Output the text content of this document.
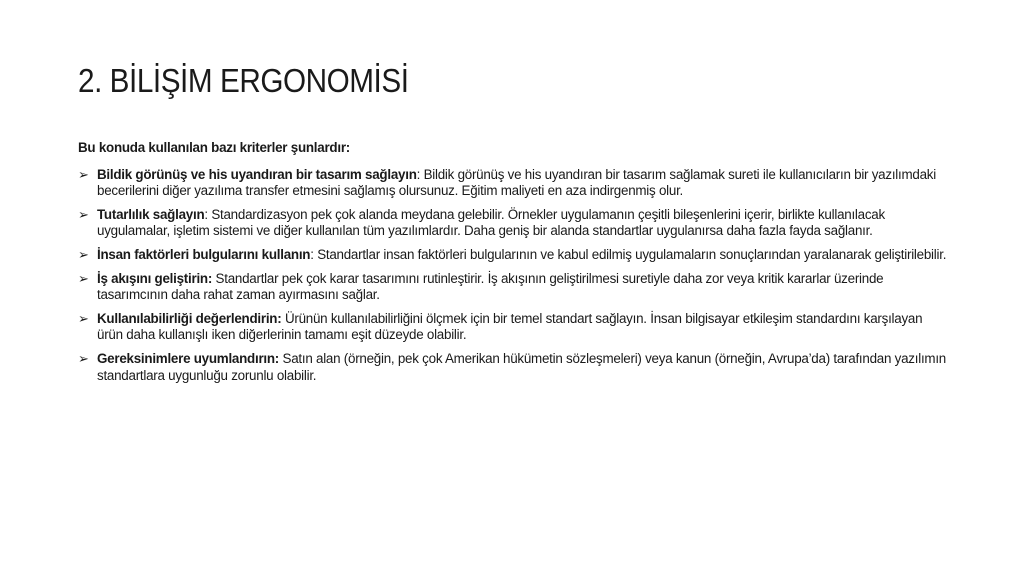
2. BİLİŞİM ERGONOMİSİ

Bu konuda kullanılan bazı kriterler şunlardır:

➢ Bildik görünüş ve his uyandıran bir tasarım sağlayın: Bildik görünüş ve his uyandıran bir tasarım sağlamak sureti ile kullanıcıların bir yazılımdaki becerilerini diğer yazılıma transfer etmesini sağlamış olursunuz. Eğitim maliyeti en aza indirgenmiş olur.
➢ Tutarlılık sağlayın: Standardizasyon pek çok alanda meydana gelebilir. Örnekler uygulamanın çeşitli bileşenlerini içerir, birlikte kullanılacak uygulamalar, işletim sistemi ve diğer kullanılan tüm yazılımlardır. Daha geniş bir alanda standartlar uygulanırsa daha fazla fayda sağlanır.
➢ İnsan faktörleri bulgularını kullanın: Standartlar insan faktörleri bulgularının ve kabul edilmiş uygulamaların sonuçlarından yaralanarak geliştirilebilir.
➢ İş akışını geliştirin: Standartlar pek çok karar tasarımını rutinleştirir. İş akışının geliştirilmesi suretiyle daha zor veya kritik kararlar üzerinde tasarımcının daha rahat zaman ayırmasını sağlar.
➢ Kullanılabilirliği değerlendirin: Ürünün kullanılabilirliğini ölçmek için bir temel standart sağlayın. İnsan bilgisayar etkileşim standardını karşılayan ürün daha kullanışlı iken diğerlerinin tamamı eşit düzeyde olabilir.
➢ Gereksinimlere uyumlandırın: Satın alan (örneğin, pek çok Amerikan hükümetin sözleşmeleri) veya kanun (örneğin, Avrupa’da) tarafından yazılımın standartlara uygunluğu zorunlu olabilir.
